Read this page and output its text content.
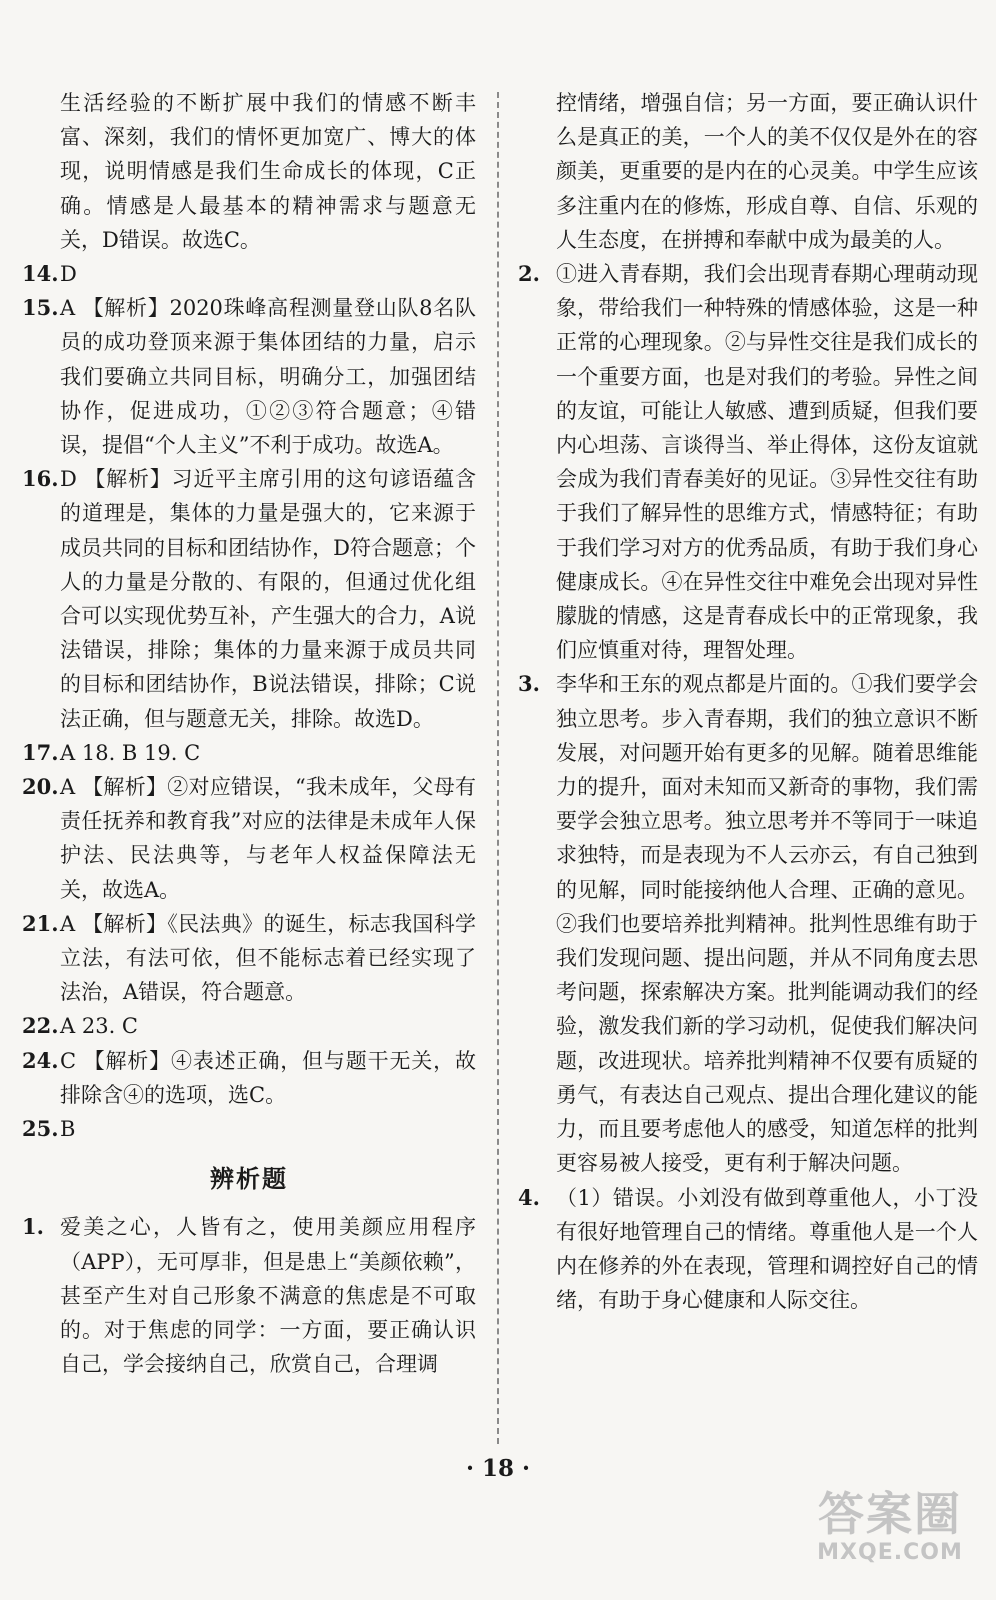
生活经验的不断扩展中我们的情感不断丰富、深刻，我们的情怀更加宽广、博大的体现，说明情感是我们生命成长的体现，C正确。情感是人最基本的精神需求与题意无关，D错误。故选C。

14. D
15. A 【解析】2020珠峰高程测量登山队8名队员的成功登顶来源于集体团结的力量，启示我们要确立共同目标，明确分工，加强团结协作，促进成功，①②③符合题意；④错误，提倡“个人主义”不利于成功。故选A。
16. D 【解析】习近平主席引用的这句谚语蕴含的道理是，集体的力量是强大的，它来源于成员共同的目标和团结协作，D符合题意；个人的力量是分散的、有限的，但通过优化组合可以实现优势互补，产生强大的合力，A说法错误，排除；集体的力量来源于成员共同的目标和团结协作，B说法错误，排除；C说法正确，但与题意无关，排除。故选D。
17. A 18. B 19. C
20. A 【解析】②对应错误，“我未成年，父母有责任抚养和教育我”对应的法律是未成年人保护法、民法典等，与老年人权益保障法无关，故选A。
21. A 【解析】《民法典》的诞生，标志我国科学立法，有法可依，但不能标志着已经实现了法治，A错误，符合题意。
22. A 23. C
24. C 【解析】④表述正确，但与题干无关，故排除含④的选项，选C。
25. B
辨析题
1. 爱美之心，人皆有之，使用美颜应用程序（APP），无可厚非，但是患上“美颜依赖”，甚至产生对自己形象不满意的焦虑是不可取的。对于焦虑的同学：一方面，要正确认识自己，学会接纳自己，欣赏自己，合理调

控情绪，增强自信；另一方面，要正确认识什么是真正的美，一个人的美不仅仅是外在的容颜美，更重要的是内在的心灵美。中学生应该多注重内在的修炼，形成自尊、自信、乐观的人生态度，在拼搏和奉献中成为最美的人。

2. ①进入青春期，我们会出现青春期心理萌动现象，带给我们一种特殊的情感体验，这是一种正常的心理现象。②与异性交往是我们成长的一个重要方面，也是对我们的考验。异性之间的友谊，可能让人敏感、遭到质疑，但我们要内心坦荡、言谈得当、举止得体，这份友谊就会成为我们青春美好的见证。③异性交往有助于我们了解异性的思维方式，情感特征；有助于我们学习对方的优秀品质，有助于我们身心健康成长。④在异性交往中难免会出现对异性朦胧的情感，这是青春成长中的正常现象，我们应慎重对待，理智处理。
3. 李华和王东的观点都是片面的。①我们要学会独立思考。步入青春期，我们的独立意识不断发展，对问题开始有更多的见解。随着思维能力的提升，面对未知而又新奇的事物，我们需要学会独立思考。独立思考并不等同于一味追求独特，而是表现为不人云亦云，有自己独到的见解，同时能接纳他人合理、正确的意见。②我们也要培养批判精神。批判性思维有助于我们发现问题、提出问题，并从不同角度去思考问题，探索解决方案。批判能调动我们的经验，激发我们新的学习动机，促使我们解决问题，改进现状。培养批判精神不仅要有质疑的勇气，有表达自己观点、提出合理化建议的能力，而且要考虑他人的感受，知道怎样的批判更容易被人接受，更有利于解决问题。
4. （1）错误。小刘没有做到尊重他人，小丁没有很好地管理自己的情绪。尊重他人是一个人内在修养的外在表现，管理和调控好自己的情绪，有助于身心健康和人际交往。
· 18 ·
答案圈
MXQE.COM
